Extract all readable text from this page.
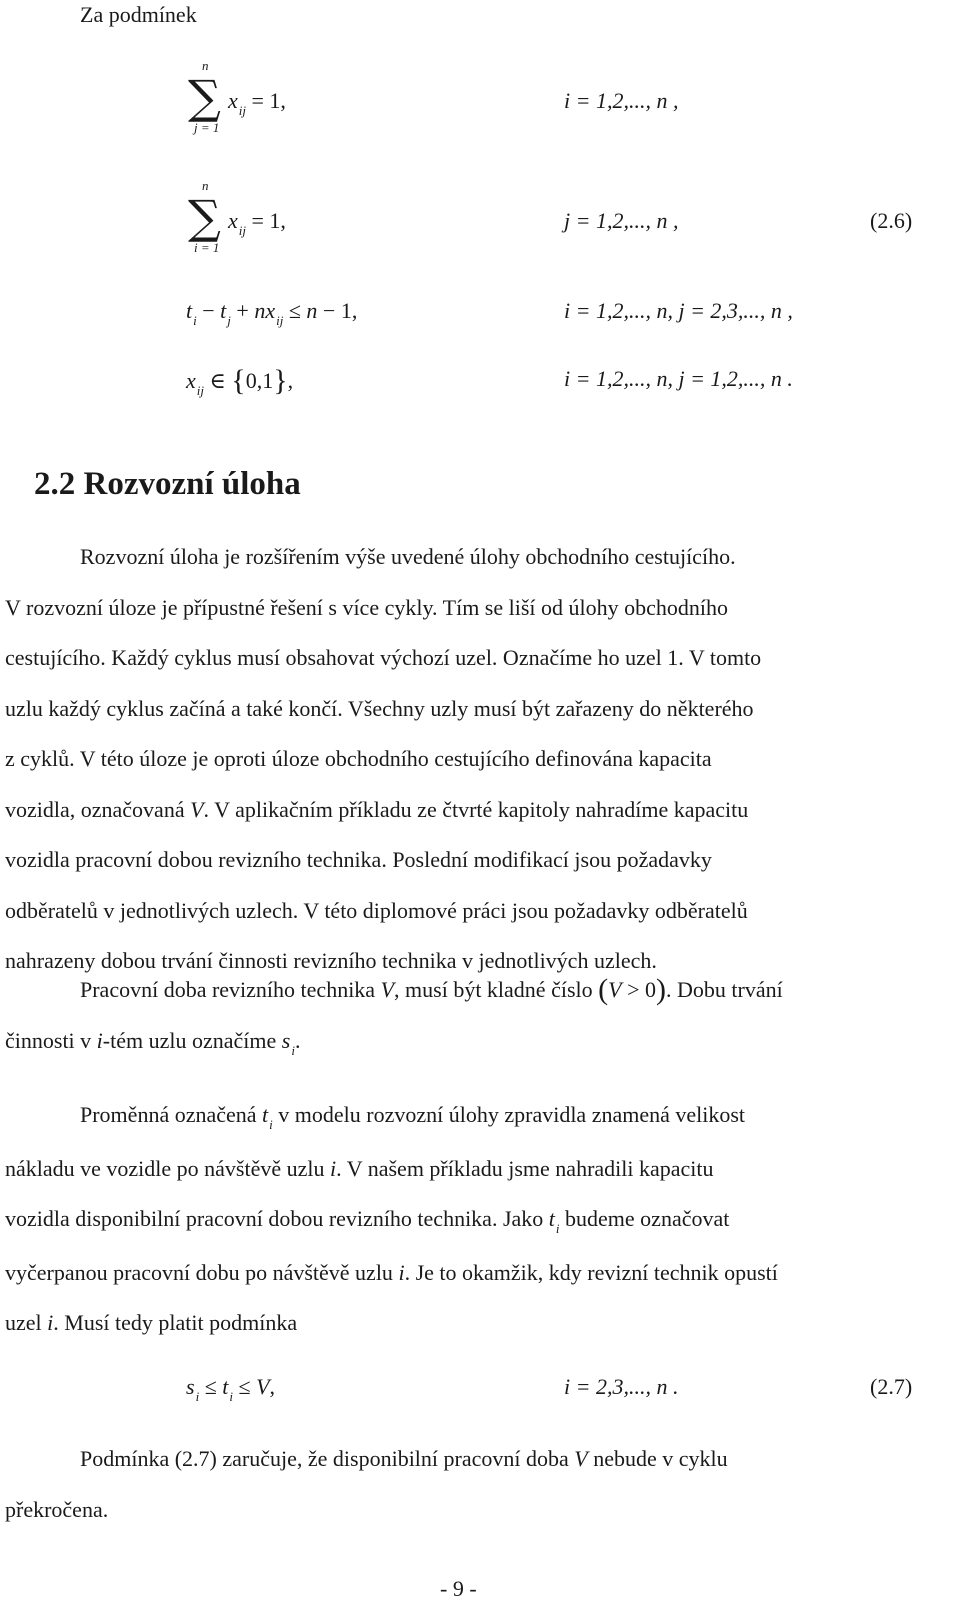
Za podmínek
n
∑
j = 1
$x_{ij} = 1$,	i = 1,2,..., n ,
n
∑
i = 1
$x_{ij} = 1$,	j = 1,2,..., n ,	(2.6)
$t_i - t_j + nx_{ij} \le n - 1$,	i = 1,2,..., n, j = 2,3,..., n ,
$x_{ij}$ ∈ {0,1},	i = 1,2,..., n, j = 1,2,..., n .
2.2 Rozvozní úloha

Rozvozní úloha je rozšířením výše uvedené úlohy obchodního cestujícího.

V rozvozní úloze je přípustné řešení s více cykly. Tím se liší od úlohy obchodního

cestujícího. Každý cyklus musí obsahovat výchozí uzel. Označíme ho uzel 1. V tomto

uzlu každý cyklus začíná a také končí. Všechny uzly musí být zařazeny do některého

z cyklů. V této úloze je oproti úloze obchodního cestujícího definována kapacita

vozidla, označovaná V. V aplikačním příkladu ze čtvrté kapitoly nahradíme kapacitu

vozidla pracovní dobou revizního technika. Poslední modifikací jsou požadavky

odběratelů v jednotlivých uzlech. V této diplomové práci jsou požadavky odběratelů

nahrazeny dobou trvání činnosti revizního technika v jednotlivých uzlech.

Pracovní doba revizního technika V, musí být kladné číslo (V > 0). Dobu trvání

činnosti v i-tém uzlu označíme $s_i$.

Proměnná označená $t_i$ v modelu rozvozní úlohy zpravidla znamená velikost

nákladu ve vozidle po návštěvě uzlu i. V našem příkladu jsme nahradili kapacitu

vozidla disponibilní pracovní dobou revizního technika. Jako $t_i$ budeme označovat

vyčerpanou pracovní dobu po návštěvě uzlu i. Je to okamžik, kdy revizní technik opustí

uzel i. Musí tedy platit podmínka

$s_i \le t_i \le V$,	i = 2,3,..., n .	(2.7)

Podmínka (2.7) zaručuje, že disponibilní pracovní doba V nebude v cyklu

překročena.

- 9 -
